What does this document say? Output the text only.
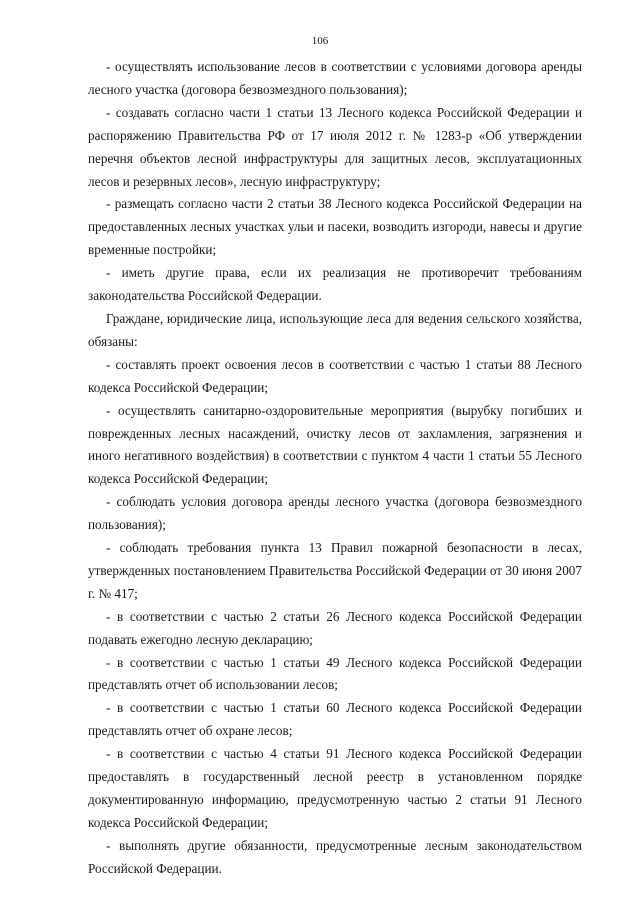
106

- осуществлять использование лесов в соответствии с условиями договора аренды лесного участка (договора безвозмездного пользования);

- создавать согласно части 1 статьи 13 Лесного кодекса Российской Федерации и распоряжению Правительства РФ от 17 июля 2012 г. № 1283-р «Об утверждении перечня объектов лесной инфраструктуры для защитных лесов, эксплуатационных лесов и резервных лесов», лесную инфраструктуру;

- размещать согласно части 2 статьи 38 Лесного кодекса Российской Федерации на предоставленных лесных участках ульи и пасеки, возводить изгороди, навесы и другие временные постройки;

- иметь другие права, если их реализация не противоречит требованиям законодательства Российской Федерации.

Граждане, юридические лица, использующие леса для ведения сельского хозяйства, обязаны:

- составлять проект освоения лесов в соответствии с частью 1 статьи 88 Лесного кодекса Российской Федерации;

- осуществлять санитарно-оздоровительные мероприятия (вырубку погибших и поврежденных лесных насаждений, очистку лесов от захламления, загрязнения и иного негативного воздействия) в соответствии с пунктом 4 части 1 статьи 55 Лесного кодекса Российской Федерации;

- соблюдать условия договора аренды лесного участка (договора безвозмездного пользования);

- соблюдать требования пункта 13 Правил пожарной безопасности в лесах, утвержденных постановлением Правительства Российской Федерации от 30 июня 2007 г. № 417;

- в соответствии с частью 2 статьи 26 Лесного кодекса Российской Федерации подавать ежегодно лесную декларацию;

- в соответствии с частью 1 статьи 49 Лесного кодекса Российской Федерации представлять отчет об использовании лесов;

- в соответствии с частью 1 статьи 60 Лесного кодекса Российской Федерации представлять отчет об охране лесов;

- в соответствии с частью 4 статьи 91 Лесного кодекса Российской Федерации предоставлять в государственный лесной реестр в установленном порядке документированную информацию, предусмотренную частью 2 статьи 91 Лесного кодекса Российской Федерации;

- выполнять другие обязанности, предусмотренные лесным законодательством Российской Федерации.
